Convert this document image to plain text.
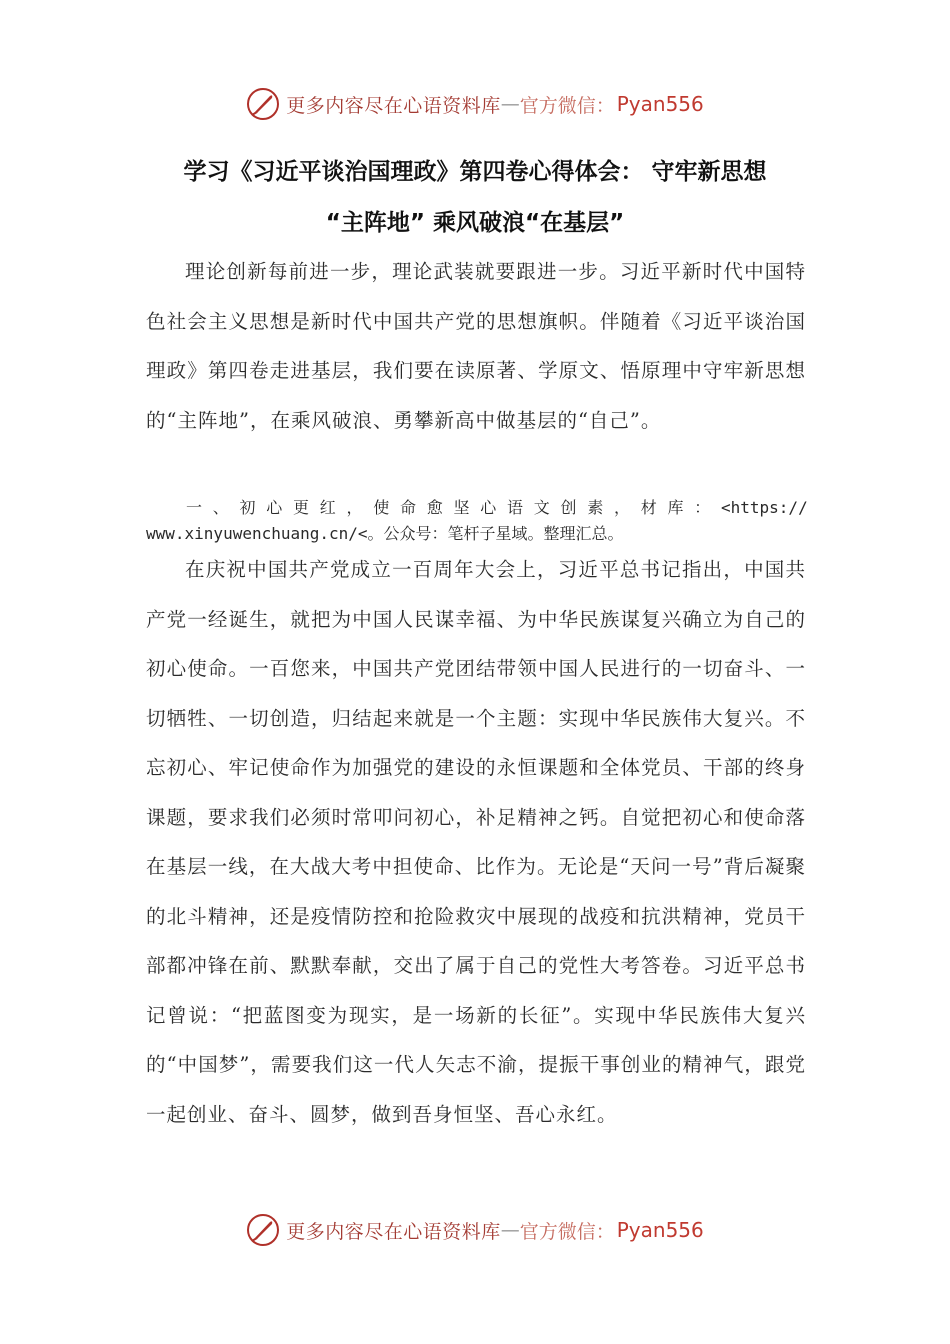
更多内容尽在心语资料库 — 官方微信： Pyan556
学习《习近平谈治国理政》第四卷心得体会： 守牢新思想
“主阵地” 乘风破浪“在基层”

理论创新每前进一步，理论武装就要跟进一步。习近平新时代中国特色社会主义思想是新时代中国共产党的思想旗帜。伴随着《习近平谈治国理政》第四卷走进基层，我们要在读原著、学原文、悟原理中守牢新思想的“主阵地”，在乘风破浪、勇攀新高中做基层的“自己”。

一 、 初 心 更 红 ， 使 命 愈 坚 心 语 文 创 素 ， 材 库 ： <https://
www.xinyuwenchuang.cn/<。公众号：笔杆子星域。整理汇总。

在庆祝中国共产党成立一百周年大会上，习近平总书记指出，中国共产党一经诞生，就把为中国人民谋幸福、为中华民族谋复兴确立为自己的初心使命。一百您来，中国共产党团结带领中国人民进行的一切奋斗、一切牺牲、一切创造，归结起来就是一个主题：实现中华民族伟大复兴。不忘初心、牢记使命作为加强党的建设的永恒课题和全体党员、干部的终身课题，要求我们必须时常叩问初心，补足精神之钙。自觉把初心和使命落在基层一线，在大战大考中担使命、比作为。无论是“天问一号”背后凝聚的北斗精神，还是疫情防控和抢险救灾中展现的战疫和抗洪精神，党员干部都冲锋在前、默默奉献，交出了属于自己的党性大考答卷。习近平总书记曾说：“把蓝图变为现实，是一场新的长征”。实现中华民族伟大复兴的“中国梦”，需要我们这一代人矢志不渝，提振干事创业的精神气，跟党一起创业、奋斗、圆梦，做到吾身恒坚、吾心永红。

更多内容尽在心语资料库 — 官方微信： Pyan556
